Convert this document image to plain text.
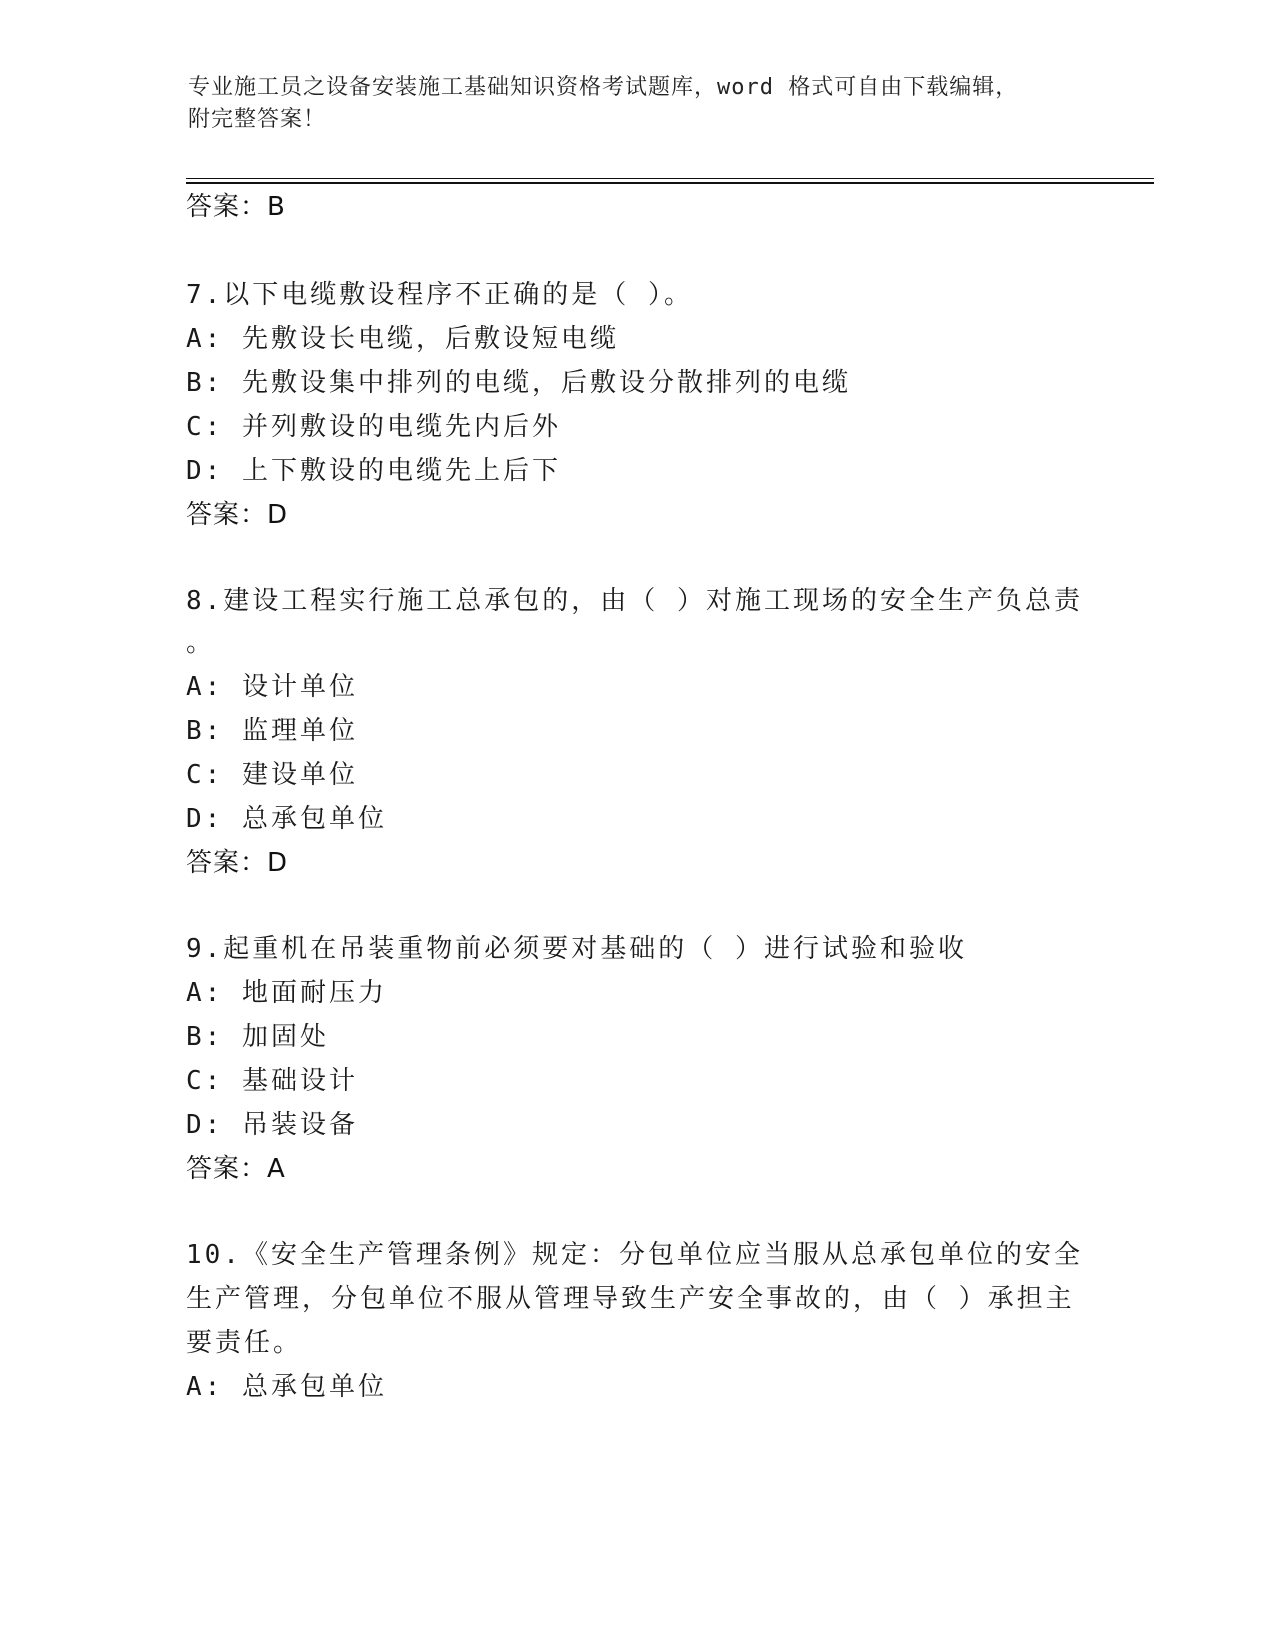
专业施工员之设备安装施工基础知识资格考试题库，word 格式可自由下载编辑，
附完整答案！
答案：B
7.以下电缆敷设程序不正确的是（ ）。
A: 先敷设长电缆，后敷设短电缆
B: 先敷设集中排列的电缆，后敷设分散排列的电缆
C: 并列敷设的电缆先内后外
D: 上下敷设的电缆先上后下
答案：D
8.建设工程实行施工总承包的，由（ ）对施工现场的安全生产负总责
。
A: 设计单位
B: 监理单位
C: 建设单位
D: 总承包单位
答案：D
9.起重机在吊装重物前必须要对基础的（ ）进行试验和验收
A: 地面耐压力
B: 加固处
C: 基础设计
D: 吊装设备
答案：A
10.《安全生产管理条例》规定：分包单位应当服从总承包单位的安全
生产管理，分包单位不服从管理导致生产安全事故的，由（ ）承担主
要责任。
A: 总承包单位
